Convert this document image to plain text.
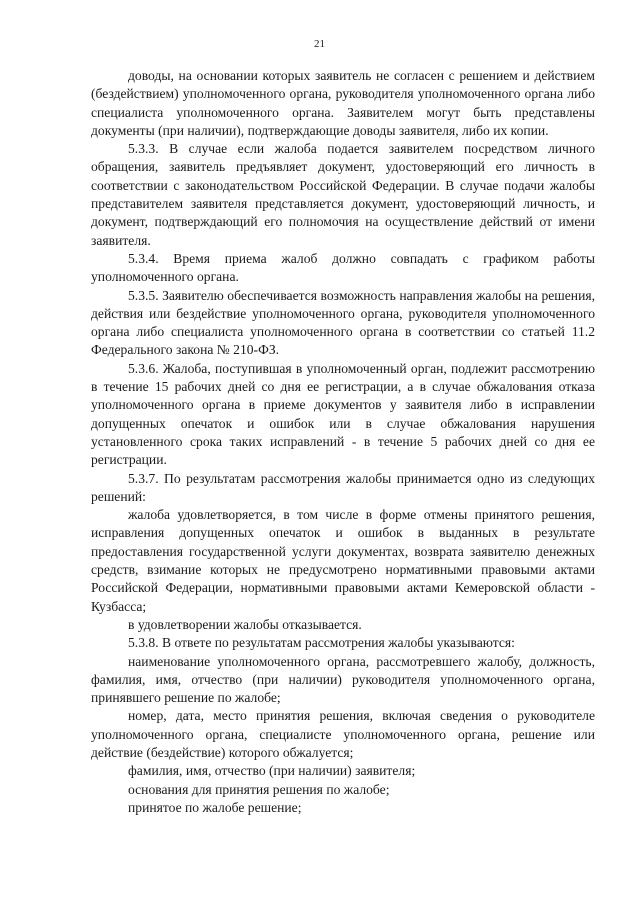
21

доводы, на основании которых заявитель не согласен с решением и действием (бездействием) уполномоченного органа, руководителя уполномоченного органа либо специалиста уполномоченного органа. Заявителем могут быть представлены документы (при наличии), подтверждающие доводы заявителя, либо их копии.

5.3.3. В случае если жалоба подается заявителем посредством личного обращения, заявитель предъявляет документ, удостоверяющий его личность в соответствии с законодательством Российской Федерации. В случае подачи жалобы представителем заявителя представляется документ, удостоверяющий личность, и документ, подтверждающий его полномочия на осуществление действий от имени заявителя.

5.3.4. Время приема жалоб должно совпадать с графиком работы уполномоченного органа.

5.3.5. Заявителю обеспечивается возможность направления жалобы на решения, действия или бездействие уполномоченного органа, руководителя уполномоченного органа либо специалиста уполномоченного органа в соответствии со статьей 11.2 Федерального закона № 210-ФЗ.

5.3.6. Жалоба, поступившая в уполномоченный орган, подлежит рассмотрению в течение 15 рабочих дней со дня ее регистрации, а в случае обжалования отказа уполномоченного органа в приеме документов у заявителя либо в исправлении допущенных опечаток и ошибок или в случае обжалования нарушения установленного срока таких исправлений - в течение 5 рабочих дней со дня ее регистрации.

5.3.7. По результатам рассмотрения жалобы принимается одно из следующих решений:

жалоба удовлетворяется, в том числе в форме отмены принятого решения, исправления допущенных опечаток и ошибок в выданных в результате предоставления государственной услуги документах, возврата заявителю денежных средств, взимание которых не предусмотрено нормативными правовыми актами Российской Федерации, нормативными правовыми актами Кемеровской области - Кузбасса;

в удовлетворении жалобы отказывается.

5.3.8. В ответе по результатам рассмотрения жалобы указываются:

наименование уполномоченного органа, рассмотревшего жалобу, должность, фамилия, имя, отчество (при наличии) руководителя уполномоченного органа, принявшего решение по жалобе;

номер, дата, место принятия решения, включая сведения о руководителе уполномоченного органа, специалисте уполномоченного органа, решение или действие (бездействие) которого обжалуется;

фамилия, имя, отчество (при наличии) заявителя;

основания для принятия решения по жалобе;

принятое по жалобе решение;
